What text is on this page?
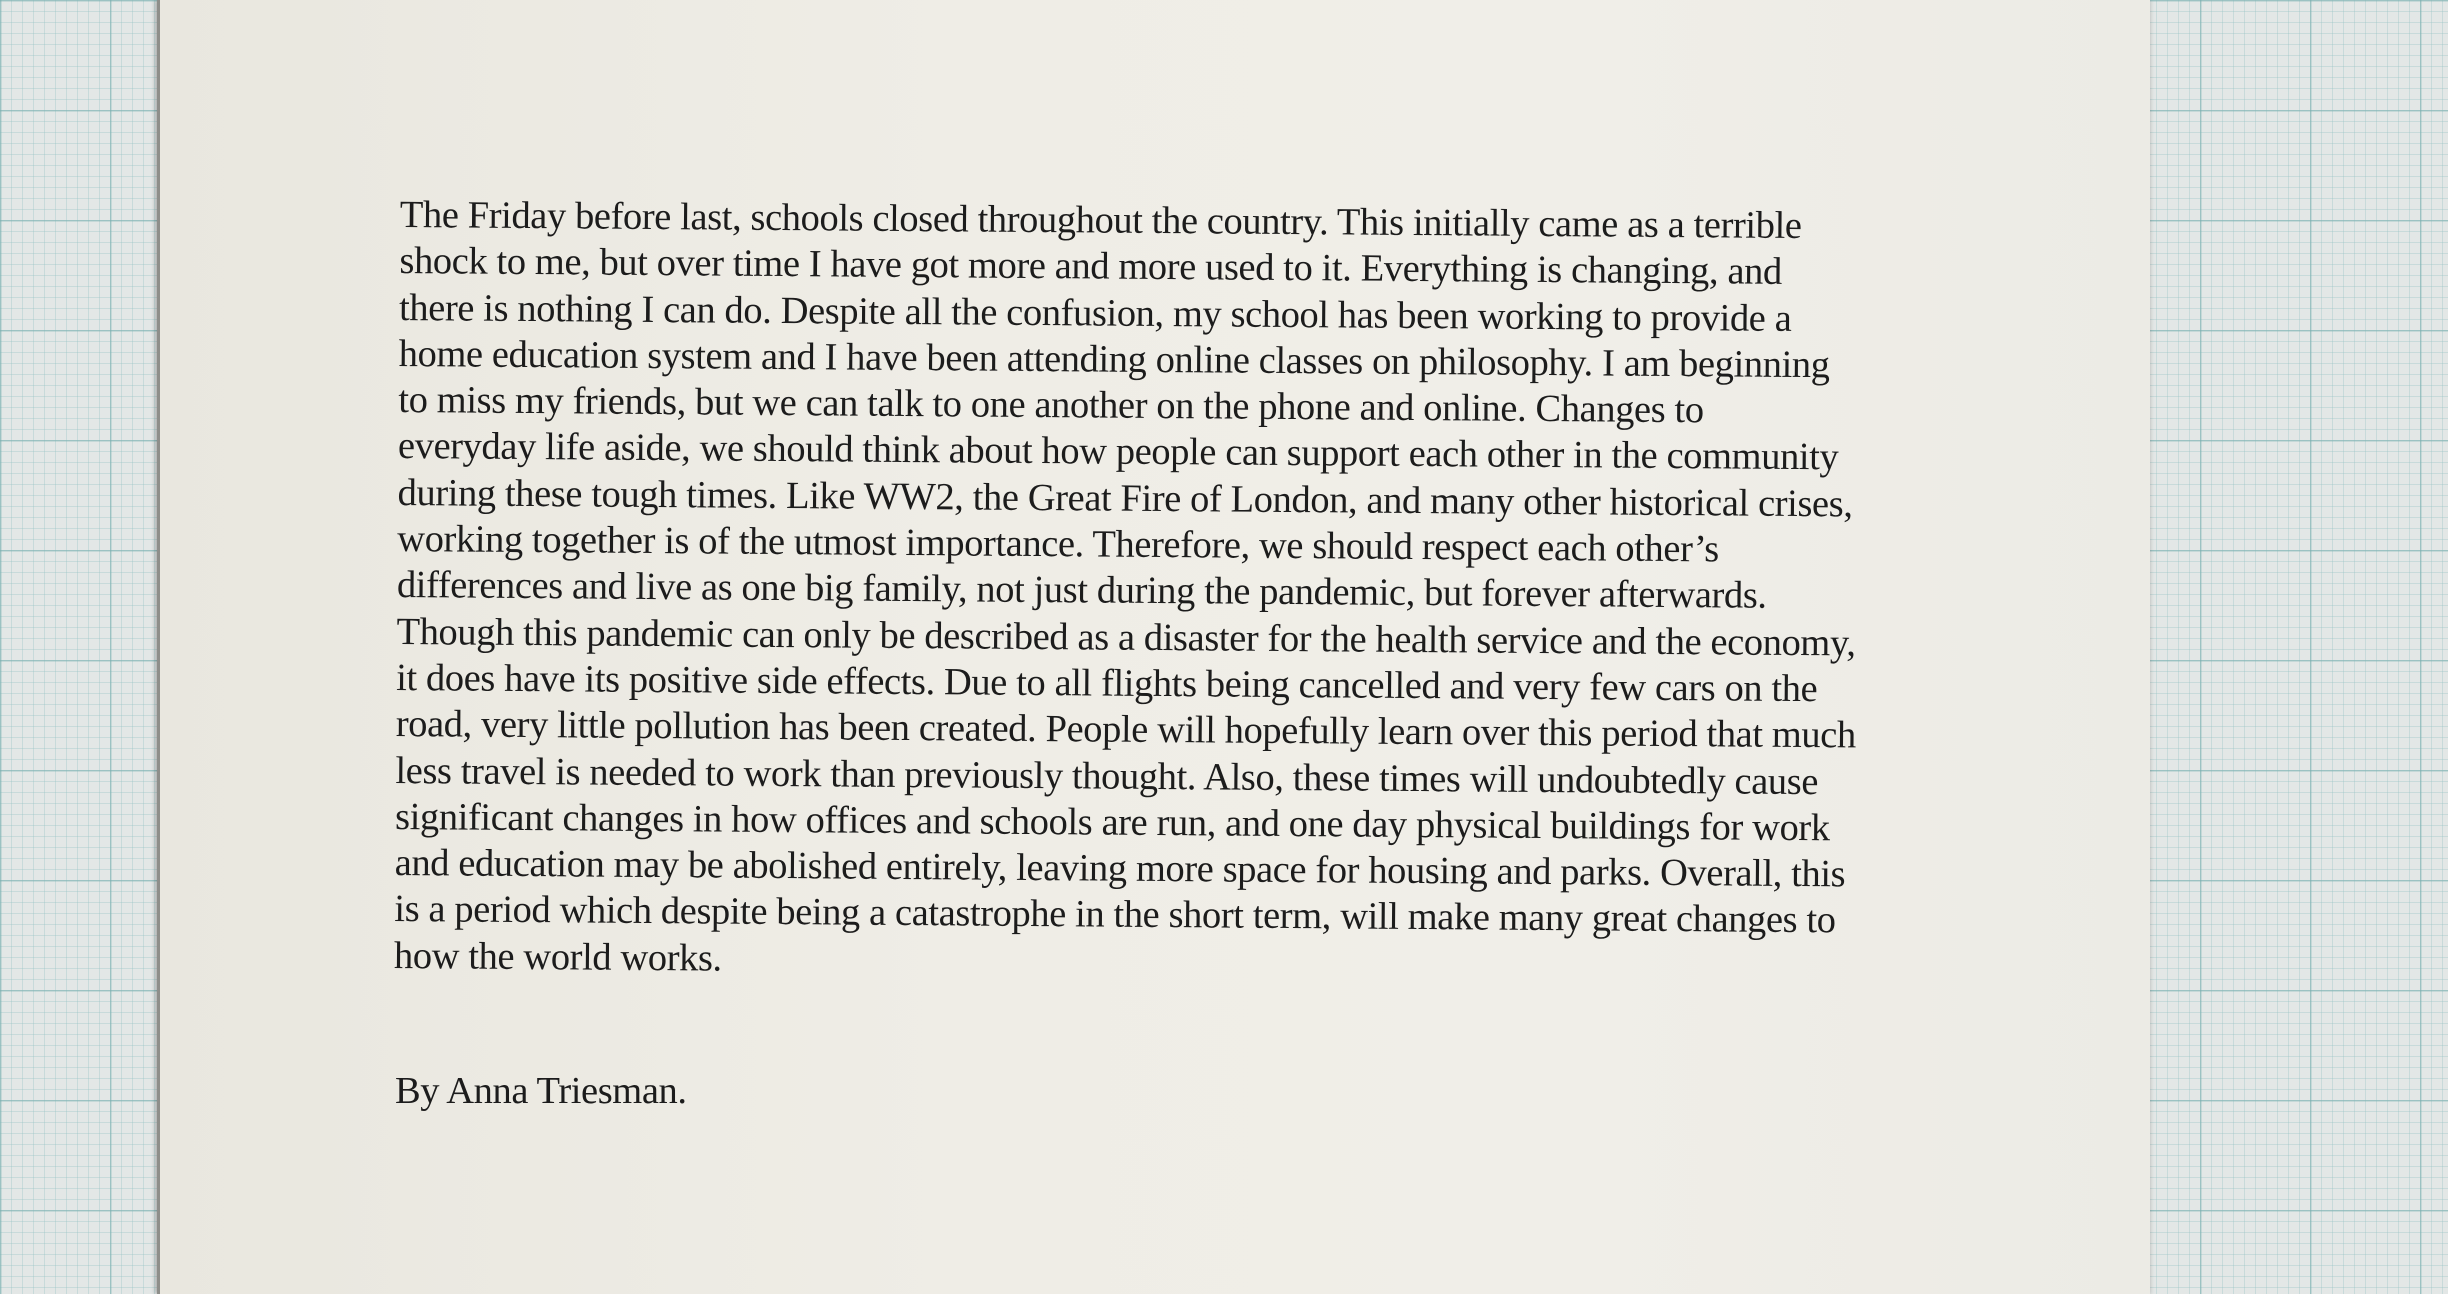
The Friday before last, schools closed throughout the country. This initially came as a terrible
shock to me, but over time I have got more and more used to it. Everything is changing, and
there is nothing I can do. Despite all the confusion, my school has been working to provide a
home education system and I have been attending online classes on philosophy. I am beginning
to miss my friends, but we can talk to one another on the phone and online. Changes to
everyday life aside, we should think about how people can support each other in the community
during these tough times. Like WW2, the Great Fire of London, and many other historical crises,
working together is of the utmost importance. Therefore, we should respect each other’s
differences and live as one big family, not just during the pandemic, but forever afterwards.
Though this pandemic can only be described as a disaster for the health service and the economy,
it does have its positive side effects. Due to all flights being cancelled and very few cars on the
road, very little pollution has been created. People will hopefully learn over this period that much
less travel is needed to work than previously thought. Also, these times will undoubtedly cause
significant changes in how offices and schools are run, and one day physical buildings for work
and education may be abolished entirely, leaving more space for housing and parks. Overall, this
is a period which despite being a catastrophe in the short term, will make many great changes to
how the world works.

By Anna Triesman.
